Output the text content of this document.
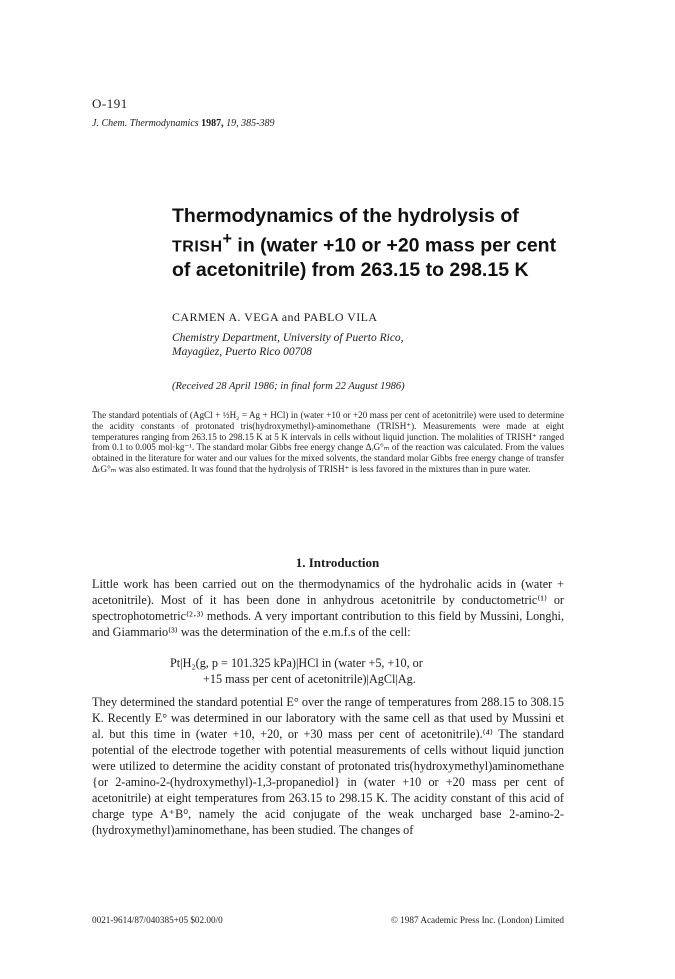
O-191
J. Chem. Thermodynamics 1987, 19, 385-389
Thermodynamics of the hydrolysis of
TRISH+ in (water +10 or +20 mass per cent of acetonitrile) from 263.15 to 298.15 K
CARMEN A. VEGA and PABLO VILA
Chemistry Department, University of Puerto Rico,
Mayagüez, Puerto Rico 00708
(Received 28 April 1986; in final form 22 August 1986)
The standard potentials of (AgCl + ½H₂ = Ag + HCl) in (water +10 or +20 mass per cent of acetonitrile) were used to determine the acidity constants of protonated tris(hydroxymethyl)-aminomethane (TRISH⁺). Measurements were made at eight temperatures ranging from 263.15 to 298.15 K at 5 K intervals in cells without liquid junction. The molalities of TRISH⁺ ranged from 0.1 to 0.005 mol·kg⁻¹. The standard molar Gibbs free energy change ΔᵣG°ₘ of the reaction was calculated. From the values obtained in the literature for water and our values for the mixed solvents, the standard molar Gibbs free energy change of transfer ΔₜG°ₘ was also estimated. It was found that the hydrolysis of TRISH⁺ is less favored in the mixtures than in pure water.
1. Introduction
Little work has been carried out on the thermodynamics of the hydrohalic acids in (water + acetonitrile). Most of it has been done in anhydrous acetonitrile by conductometric⁽¹⁾ or spectrophotometric⁽²·³⁾ methods. A very important contribution to this field by Mussini, Longhi, and Giammario⁽³⁾ was the determination of the e.m.f.s of the cell:
Pt|H₂(g, p = 101.325 kPa)|HCl in (water +5, +10, or
+15 mass per cent of acetonitrile)|AgCl|Ag.
They determined the standard potential E° over the range of temperatures from 288.15 to 308.15 K. Recently E° was determined in our laboratory with the same cell as that used by Mussini et al. but this time in (water +10, +20, or +30 mass per cent of acetonitrile).⁽⁴⁾ The standard potential of the electrode together with potential measurements of cells without liquid junction were utilized to determine the acidity constant of protonated tris(hydroxymethyl)aminomethane {or 2-amino-2-(hydroxymethyl)-1,3-propanediol} in (water +10 or +20 mass per cent of acetonitrile) at eight temperatures from 263.15 to 298.15 K. The acidity constant of this acid of charge type A⁺B⁰, namely the acid conjugate of the weak uncharged base 2-amino-2-(hydroxymethyl)aminomethane, has been studied. The changes of
0021-9614/87/040385+05 $02.00/0	© 1987 Academic Press Inc. (London) Limited
